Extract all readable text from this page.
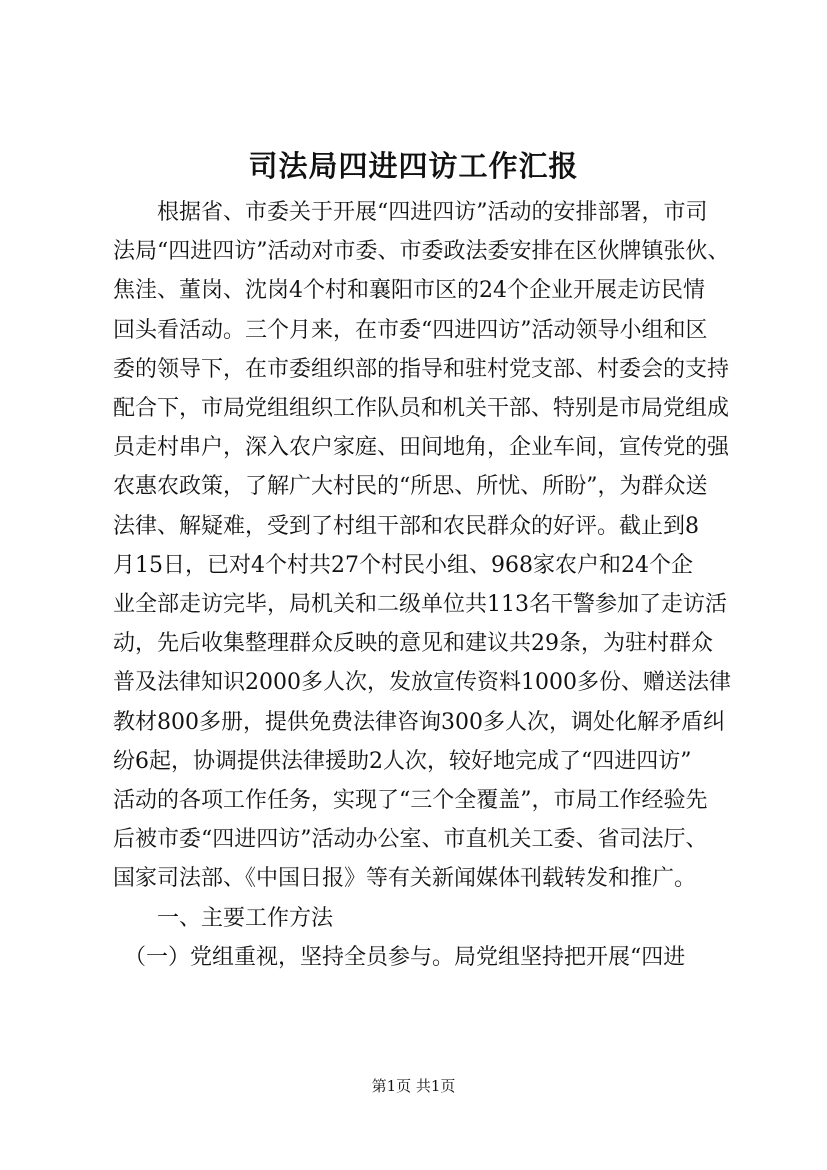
司法局四进四访工作汇报
　　根据省、市委关于开展“四进四访”活动的安排部署，市司
法局“四进四访”活动对市委、市委政法委安排在区伙牌镇张伙、
焦洼、董岗、沈岗4个村和襄阳市区的24个企业开展走访民情
回头看活动。三个月来，在市委“四进四访”活动领导小组和区
委的领导下，在市委组织部的指导和驻村党支部、村委会的支持
配合下，市局党组组织工作队员和机关干部、特别是市局党组成
员走村串户，深入农户家庭、田间地角，企业车间，宣传党的强
农惠农政策，了解广大村民的“所思、所忧、所盼”，为群众送
法律、解疑难，受到了村组干部和农民群众的好评。截止到8
月15日，已对4个村共27个村民小组、968家农户和24个企
业全部走访完毕，局机关和二级单位共113名干警参加了走访活
动，先后收集整理群众反映的意见和建议共29条，为驻村群众
普及法律知识2000多人次，发放宣传资料1000多份、赠送法律
教材800多册，提供免费法律咨询300多人次，调处化解矛盾纠
纷6起，协调提供法律援助2人次，较好地完成了“四进四访”
活动的各项工作任务，实现了“三个全覆盖”，市局工作经验先
后被市委“四进四访”活动办公室、市直机关工委、省司法厅、
国家司法部、《中国日报》等有关新闻媒体刊载转发和推广。
　　一、主要工作方法
　（一）党组重视，坚持全员参与。局党组坚持把开展“四进
第1页 共1页
